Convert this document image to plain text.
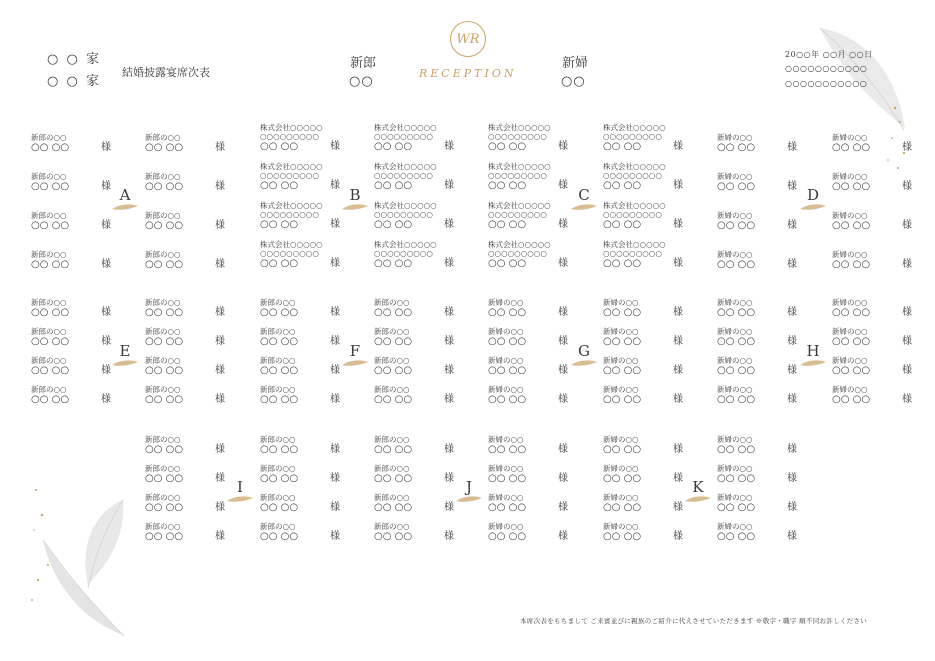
○ ○ 家
○ ○ 家
結婚披露宴席次表
新郎
○○
WR
RECEPTION
新婦
○○
20○○年 ○○月 ○○日
○○○○○○○○○○○
○○○○○○○○○○○
A
新郎の○○
○○ ○○	様
新郎の○○
○○ ○○	様
新郎の○○
○○ ○○	様
新郎の○○
○○ ○○	様
新郎の○○
○○ ○○	様
新郎の○○
○○ ○○	様
新郎の○○
○○ ○○	様
新郎の○○
○○ ○○	様
B
株式会社○○○○○
○○○○○○○○○
○○ ○○	様
株式会社○○○○○
○○○○○○○○○
○○ ○○	様
株式会社○○○○○
○○○○○○○○○
○○ ○○	様
株式会社○○○○○
○○○○○○○○○
○○ ○○	様
株式会社○○○○○
○○○○○○○○○
○○ ○○	様
株式会社○○○○○
○○○○○○○○○
○○ ○○	様
株式会社○○○○○
○○○○○○○○○
○○ ○○	様
株式会社○○○○○
○○○○○○○○○
○○ ○○	様
C
株式会社○○○○○
○○○○○○○○○
○○ ○○	様
株式会社○○○○○
○○○○○○○○○
○○ ○○	様
株式会社○○○○○
○○○○○○○○○
○○ ○○	様
株式会社○○○○○
○○○○○○○○○
○○ ○○	様
株式会社○○○○○
○○○○○○○○○
○○ ○○	様
株式会社○○○○○
○○○○○○○○○
○○ ○○	様
株式会社○○○○○
○○○○○○○○○
○○ ○○	様
株式会社○○○○○
○○○○○○○○○
○○ ○○	様
D
新婦の○○
○○ ○○	様
新婦の○○
○○ ○○	様
新婦の○○
○○ ○○	様
新婦の○○
○○ ○○	様
新婦の○○
○○ ○○	様
新婦の○○
○○ ○○	様
新婦の○○
○○ ○○	様
新婦の○○
○○ ○○	様
E
新郎の○○
○○ ○○	様
新郎の○○
○○ ○○	様
新郎の○○
○○ ○○	様
新郎の○○
○○ ○○	様
新郎の○○
○○ ○○	様
新郎の○○
○○ ○○	様
新郎の○○
○○ ○○	様
新郎の○○
○○ ○○	様
F
新郎の○○
○○ ○○	様
新郎の○○
○○ ○○	様
新郎の○○
○○ ○○	様
新郎の○○
○○ ○○	様
新郎の○○
○○ ○○	様
新郎の○○
○○ ○○	様
新郎の○○
○○ ○○	様
新郎の○○
○○ ○○	様
G
新婦の○○
○○ ○○	様
新婦の○○
○○ ○○	様
新婦の○○
○○ ○○	様
新婦の○○
○○ ○○	様
新婦の○○
○○ ○○	様
新婦の○○
○○ ○○	様
新婦の○○
○○ ○○	様
新婦の○○
○○ ○○	様
H
新婦の○○
○○ ○○	様
新婦の○○
○○ ○○	様
新婦の○○
○○ ○○	様
新婦の○○
○○ ○○	様
新婦の○○
○○ ○○	様
新婦の○○
○○ ○○	様
新婦の○○
○○ ○○	様
新婦の○○
○○ ○○	様
I
新郎の○○
○○ ○○	様
新郎の○○
○○ ○○	様
新郎の○○
○○ ○○	様
新郎の○○
○○ ○○	様
新郎の○○
○○ ○○	様
新郎の○○
○○ ○○	様
新郎の○○
○○ ○○	様
新郎の○○
○○ ○○	様
J
新郎の○○
○○ ○○	様
新郎の○○
○○ ○○	様
新郎の○○
○○ ○○	様
新郎の○○
○○ ○○	様
新婦の○○
○○ ○○	様
新婦の○○
○○ ○○	様
新婦の○○
○○ ○○	様
新婦の○○
○○ ○○	様
K
新婦の○○
○○ ○○	様
新婦の○○
○○ ○○	様
新婦の○○
○○ ○○	様
新婦の○○
○○ ○○	様
新婦の○○
○○ ○○	様
新婦の○○
○○ ○○	様
新婦の○○
○○ ○○	様
新婦の○○
○○ ○○	様
本席次表をもちまして ご来賓並びに親族のご紹介に代えさせていただきます ※敬字・職字 順不同お許しください
